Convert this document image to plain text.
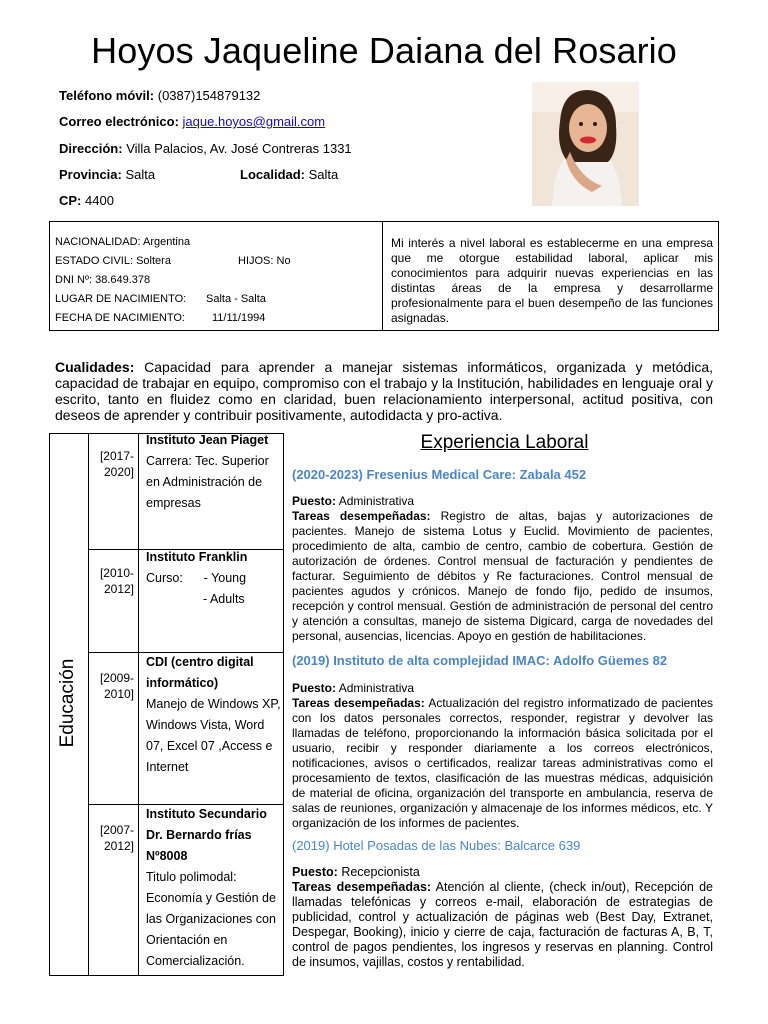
Hoyos Jaqueline Daiana del Rosario
Teléfono móvil: (0387)154879132
Correo electrónico: jaque.hoyos@gmail.com
Dirección: Villa Palacios, Av. José Contreras 1331
Provincia: Salta	Localidad: Salta
CP: 4400
NACIONALIDAD: Argentina
ESTADO CIVIL: Soltera	HIJOS: No
DNI Nº: 38.649.378
LUGAR DE NACIMIENTO: Salta - Salta
FECHA DE NACIMIENTO: 11/11/1994
Mi interés a nivel laboral es establecerme en una empresa que me otorgue estabilidad laboral, aplicar mis conocimientos para adquirir nuevas experiencias en las distintas áreas de la empresa y desarrollarme profesionalmente para el buen desempeño de las funciones asignadas.
Cualidades: Capacidad para aprender a manejar sistemas informáticos, organizada y metódica, capacidad de trabajar en equipo, compromiso con el trabajo y la Institución, habilidades en lenguaje oral y escrito, tanto en fluidez como en claridad, buen relacionamiento interpersonal, actitud positiva, con deseos de aprender y contribuir positivamente, autodidacta y pro-activa.
Educación
[2017-
2020]
Instituto Jean Piaget
Carrera: Tec. Superior en Administración de empresas
[2010-
2012]
Instituto Franklin
Curso:      - Young
- Adults
[2009-
2010]
CDI (centro digital informático)
Manejo de Windows XP, Windows Vista, Word 07, Excel 07 ,Access e Internet
[2007-
2012]
Instituto Secundario Dr. Bernardo frías Nº8008
Titulo polimodal: Economía y Gestión de las Organizaciones con Orientación en Comercialización.
Experiencia Laboral
(2020-2023) Fresenius Medical Care: Zabala 452
Puesto: Administrativa
Tareas desempeñadas: Registro de altas, bajas y autorizaciones de pacientes. Manejo de sistema Lotus y Euclid. Movimiento de pacientes, procedimiento de alta, cambio de centro, cambio de cobertura. Gestión de autorización de órdenes. Control mensual de facturación y pendientes de facturar. Seguimiento de débitos y Re facturaciones. Control mensual de pacientes agudos y crónicos. Manejo de fondo fijo, pedido de insumos, recepción y control mensual. Gestión de administración de personal del centro y atención a consultas, manejo de sistema Digicard, carga de novedades del personal, ausencias, licencias. Apoyo en gestión de habilitaciones.
(2019) Instituto de alta complejidad IMAC: Adolfo Güemes 82
Puesto: Administrativa
Tareas desempeñadas: Actualización del registro informatizado de pacientes con los datos personales correctos, responder, registrar y devolver las llamadas de teléfono, proporcionando la información básica solicitada por el usuario, recibir y responder diariamente a los correos electrónicos, notificaciones, avisos o certificados, realizar tareas administrativas como el procesamiento de textos, clasificación de las muestras médicas, adquisición de material de oficina, organización del transporte en ambulancia, reserva de salas de reuniones, organización y almacenaje de los informes médicos, etc. Y organización de los informes de pacientes.
(2019) Hotel Posadas de las Nubes: Balcarce 639
Puesto: Recepcionista
Tareas desempeñadas: Atención al cliente, (check in/out), Recepción de llamadas telefónicas y correos e-mail, elaboración de estrategias de publicidad, control y actualización de páginas web (Best Day, Extranet, Despegar, Booking), inicio y cierre de caja, facturación de facturas A, B, T, control de pagos pendientes, los ingresos y reservas en planning. Control de insumos, vajillas, costos y rentabilidad.
